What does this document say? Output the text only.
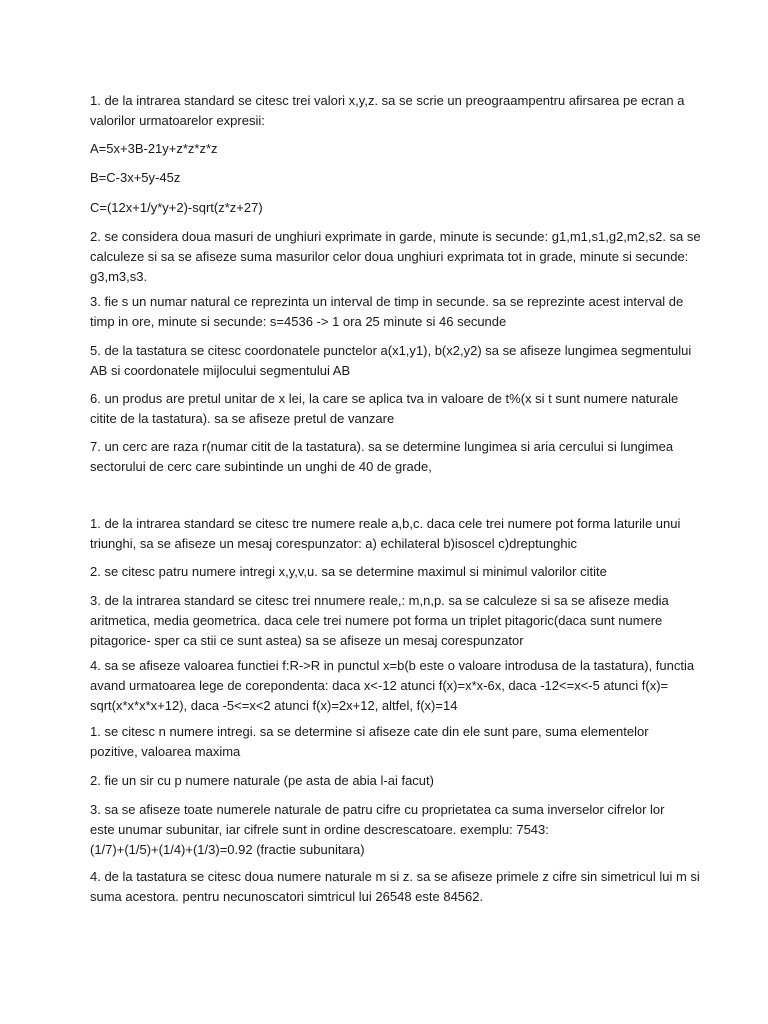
1. de la intrarea standard se citesc trei valori x,y,z. sa se scrie un preograampentru afirsarea pe ecran a
valorilor urmatoarelor expresii:

A=5x+3B-21y+z*z*z*z

B=C-3x+5y-45z

C=(12x+1/y*y+2)-sqrt(z*z+27)

2. se considera doua masuri de unghiuri exprimate in garde, minute is secunde: g1,m1,s1,g2,m2,s2. sa se
calculeze si sa se afiseze suma masurilor celor doua unghiuri exprimata tot in grade, minute si secunde:
g3,m3,s3.

3. fie s un numar natural ce reprezinta un interval de timp in secunde. sa se reprezinte acest interval de
timp in ore, minute si secunde: s=4536 -> 1 ora 25 minute si 46 secunde

5. de la tastatura se citesc coordonatele punctelor a(x1,y1), b(x2,y2) sa se afiseze lungimea segmentului
AB si coordonatele mijlocului segmentului AB

6. un produs are pretul unitar de x lei, la care se aplica tva in valoare de t%(x si t sunt numere naturale
citite de la tastatura). sa se afiseze pretul de vanzare

7. un cerc are raza r(numar citit de la tastatura). sa se determine lungimea si aria cercului si lungimea
sectorului de cerc care subintinde un unghi de 40 de grade,

1. de la intrarea standard se citesc tre numere reale a,b,c. daca cele trei numere pot forma laturile unui
triunghi, sa se afiseze un mesaj corespunzator: a) echilateral b)isoscel c)dreptunghic

2. se citesc patru numere intregi x,y,v,u. sa se determine maximul si minimul valorilor citite

3. de la intrarea standard se citesc trei nnumere reale,: m,n,p. sa se calculeze si sa se afiseze media
aritmetica, media geometrica. daca cele trei numere pot forma un triplet pitagoric(daca sunt numere
pitagorice- sper ca stii ce sunt astea) sa se afiseze un mesaj corespunzator

4. sa se afiseze valoarea functiei f:R->R in punctul x=b(b este o valoare introdusa de la tastatura), functia
avand urmatoarea lege de corepondenta: daca x<-12 atunci f(x)=x*x-6x, daca -12<=x<-5 atunci f(x)=
sqrt(x*x*x*x+12), daca -5<=x<2 atunci f(x)=2x+12, altfel, f(x)=14

1. se citesc n numere intregi. sa se determine si afiseze cate din ele sunt pare, suma elementelor
pozitive, valoarea maxima

2. fie un sir cu p numere naturale (pe asta de abia l-ai facut)

3. sa se afiseze toate numerele naturale de patru cifre cu proprietatea ca suma inverselor cifrelor lor
este unumar subunitar, iar cifrele sunt in ordine descrescatoare. exemplu: 7543:
(1/7)+(1/5)+(1/4)+(1/3)=0.92 (fractie subunitara)

4. de la tastatura se citesc doua numere naturale m si z. sa se afiseze primele z cifre sin simetricul lui m si
suma acestora. pentru necunoscatori simtricul lui 26548 este 84562.
